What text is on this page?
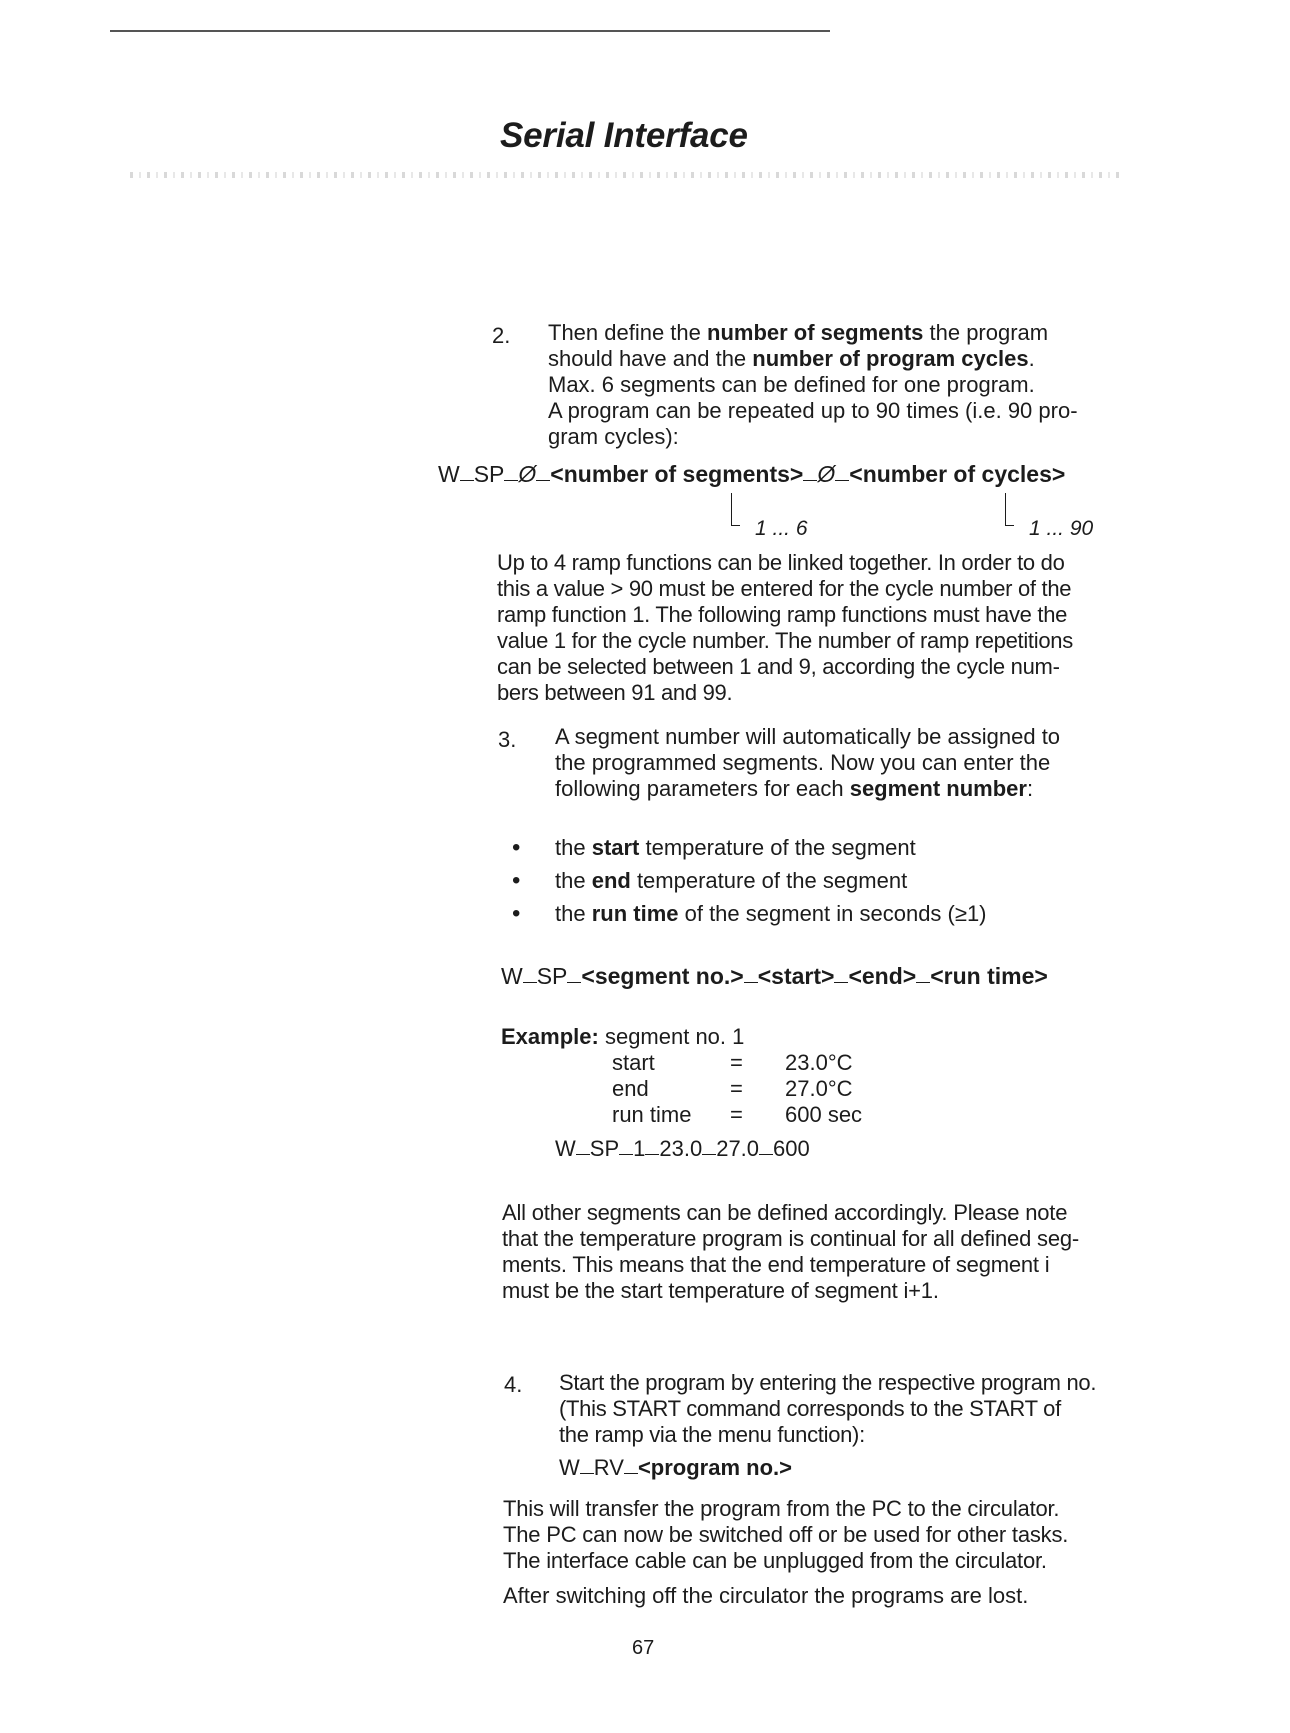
Serial Interface
2. Then define the number of segments the program
should have and the number of program cycles.
Max. 6 segments can be defined for one program.
A program can be repeated up to 90 times (i.e. 90 pro-
gram cycles):
W SP Ø <number of segments> Ø <number of cycles>
1 ... 6	1 ... 90
Up to 4 ramp functions can be linked together. In order to do
this a value > 90 must be entered for the cycle number of the
ramp function 1. The following ramp functions must have the
value 1 for the cycle number. The number of ramp repetitions
can be selected between 1 and 9, according the cycle num-
bers between 91 and 99.
3. A segment number will automatically be assigned to
the programmed segments. Now you can enter the
following parameters for each segment number:
• the start temperature of the segment
• the end temperature of the segment
• the run time of the segment in seconds (≥1)
W SP <segment no.> <start> <end> <run time>
Example: segment no. 1
start	=	23.0°C
end	=	27.0°C
run time	=	600 sec
W SP 1 23.0 27.0 600
All other segments can be defined accordingly. Please note
that the temperature program is continual for all defined seg-
ments. This means that the end temperature of segment i
must be the start temperature of segment i+1.
4. Start the program by entering the respective program no.
(This START command corresponds to the START of
the ramp via the menu function):
W RV <program no.>
This will transfer the program from the PC to the circulator.
The PC can now be switched off or be used for other tasks.
The interface cable can be unplugged from the circulator.
After switching off the circulator the programs are lost.
67
